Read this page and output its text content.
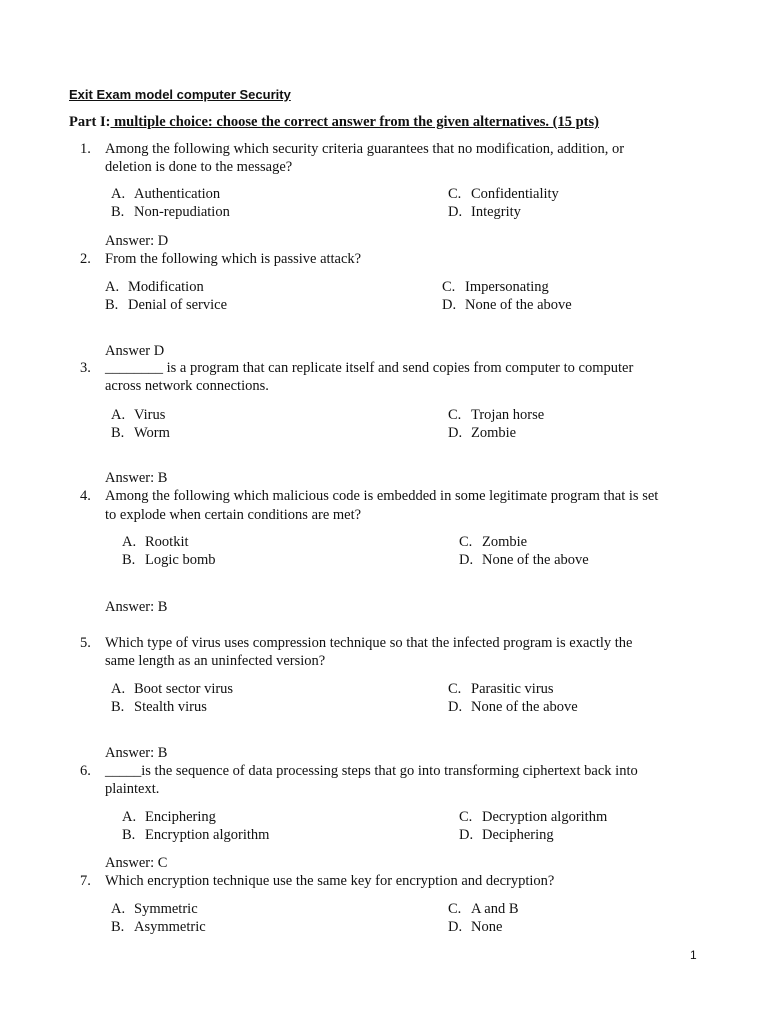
Exit Exam model computer Security
Part I: multiple choice: choose the correct answer from the given alternatives. (15 pts)
1. Among the following which security criteria guarantees that no modification, addition, or
deletion is done to the message?
A. Authentication
B. Non-repudiation
C. Confidentiality
D. Integrity
Answer: D
2. From the following which is passive attack?
A. Modification
B. Denial of service
C. Impersonating
D. None of the above
Answer D
3. ________ is a program that can replicate itself and send copies from computer to computer
across network connections.
A. Virus
B. Worm
C. Trojan horse
D. Zombie
Answer: B
4. Among the following which malicious code is embedded in some legitimate program that is set
to explode when certain conditions are met?
A. Rootkit
B. Logic bomb
C. Zombie
D. None of the above
Answer: B
5. Which type of virus uses compression technique so that the infected program is exactly the
same length as an uninfected version?
A. Boot sector virus
B. Stealth virus
C. Parasitic virus
D. None of the above
Answer: B
6. _____is the sequence of data processing steps that go into transforming ciphertext back into
plaintext.
A. Enciphering
B. Encryption algorithm
C. Decryption algorithm
D. Deciphering
Answer: C
7. Which encryption technique use the same key for encryption and decryption?
A. Symmetric
B. Asymmetric
C. A and B
D. None
1
